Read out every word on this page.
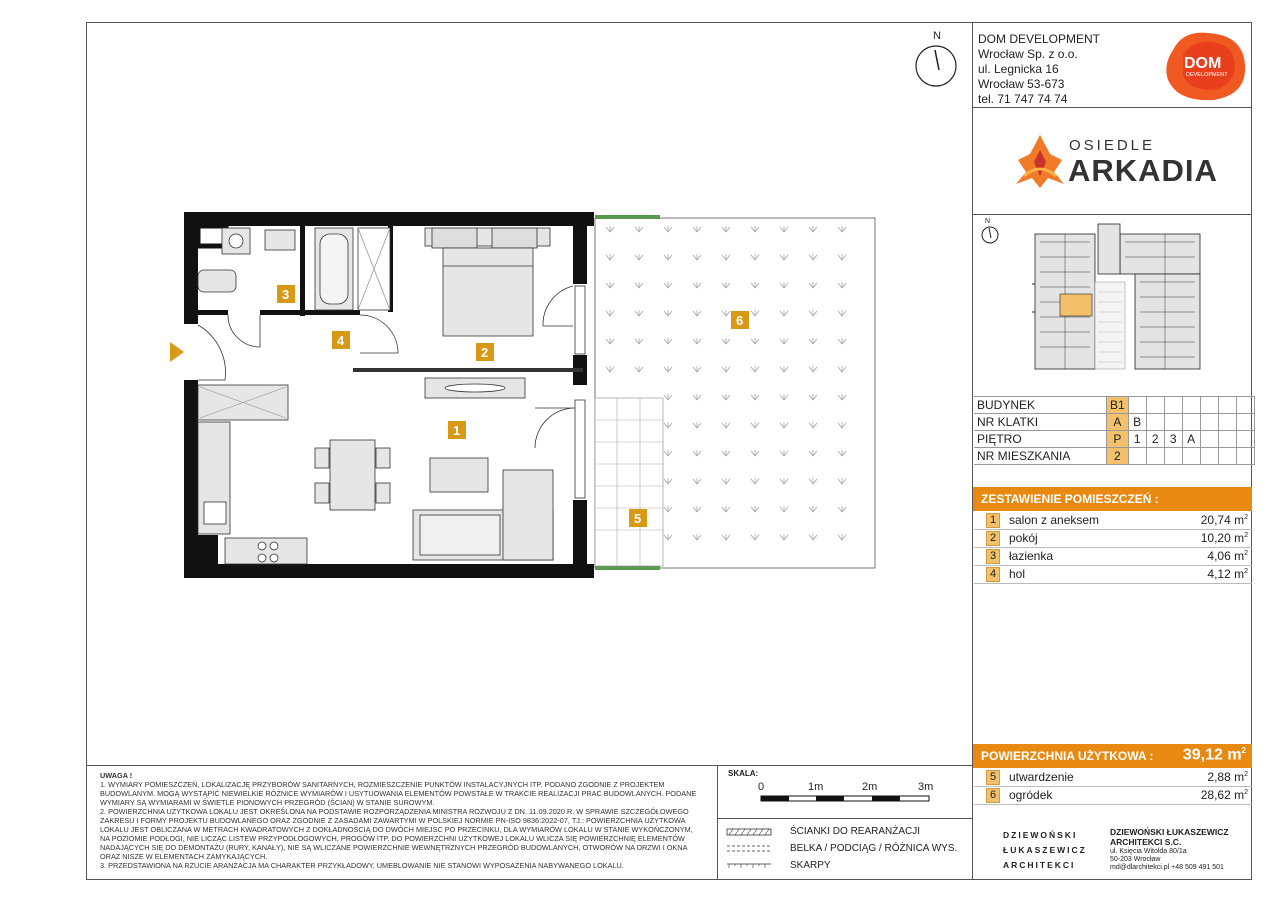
N	DOM DEVELOPMENT
Wrocław Sp. z o.o.
ul. Legnicka 16
Wrocław 53-673
tel. 71 747 74 74
DOM
DEVELOPMENT
OSIEDLE
ARKADIA
N
BUDYNEK	B1							
NR KLATKI	A	B						
PIĘTRO	P	1	2	3	A			
NR MIESZKANIA	2							
ZESTAWIENIE POMIESZCZEŃ :
1	salon z aneksem	20,74 $m^2$
2	pokój	10,20 $m^2$
3	łazienka	4,06 $m^2$
4	hol	4,12 $m^2$
POWIERZCHNIA UŻYTKOWA : 39,12 $m^2$
5	utwardzenie	2,88 $m^2$
6	ogródek	28,62 $m^2$
UWAGA !
1. WYMIARY POMIESZCZEŃ, LOKALIZACJĘ PRZYBORÓW SANITARNYCH, ROZMIESZCZENIE PUNKTÓW INSTALACYJNYCH ITP. PODANO ZGODNIE Z PROJEKTEM BUDOWLANYM. MOGĄ WYSTĄPIĆ NIEWIELKIE RÓŻNICE WYMIARÓW I USYTUOWANIA ELEMENTÓW POWSTAŁE W TRAKCIE REALIZACJI PRAC BUDOWLANYCH. PODANE WYMIARY SĄ WYMIARAMI W ŚWIETLE PIONOWYCH PRZEGRÓD (ŚCIAN) W STANIE SUROWYM.
2. POWIERZCHNIA UŻYTKOWA LOKALU JEST OKREŚLONA NA PODSTAWIE ROZPORZĄDZENIA MINISTRA ROZWOJU Z DN. 11.09.2020 R. W SPRAWIE SZCZEGÓŁOWEGO ZAKRESU I FORMY PROJEKTU BUDOWLANEGO ORAZ ZGODNIE Z ZASADAMI ZAWARTYMI W POLSKIEJ NORMIE PN-ISO 9836:2022-07, TJ.: POWIERZCHNIA UŻYTKOWA LOKALU JEST OBLICZANA W METRACH KWADRATOWYCH Z DOKŁADNOŚCIĄ DO DWÓCH MIEJSC PO PRZECINKU, DLA WYMIARÓW LOKALU W STANIE WYKOŃCZONYM, NA POZIOMIE PODŁOGI, NIE LICZĄC LISTEW PRZYPODŁOGOWYCH, PROGÓW ITP. DO POWIERZCHNI UŻYTKOWEJ LOKALU WLICZA SIĘ POWIERZCHNIĘ ELEMENTÓW NADAJĄCYCH SIĘ DO DEMONTAŻU (RURY, KANAŁY), NIE SĄ WLICZANE POWIERZCHNIE WEWNĘTRZNYCH PRZEGRÓD BUDOWLANYCH, OTWORÓW NA DRZWI I OKNA ORAZ NISZE W ELEMENTACH ZAMYKAJĄCYCH.
3. PRZEDSTAWIONA NA RZUCIE ARANŻACJA MA CHARAKTER PRZYKŁADOWY, UMEBLOWANIE NIE STANOWI WYPOSAŻENIA NABYWANEGO LOKALU.
SKALA:
0	1m	2m	3m
ŚCIANKI DO REARANŻACJI
BELKA / PODCIĄG / RÓŻNICA WYS.
SKARPY
DZIEWOŃSKI
ŁUKASZEWICZ
ARCHITEKCI
DZIEWOŃSKI ŁUKASZEWICZ
ARCHITEKCI S.C.
ul. Księcia Witolda 80/1a
50-203 Wrocław
md@dlarchitekci.pl +48 509 491 501
1
2
3
4
5
6
